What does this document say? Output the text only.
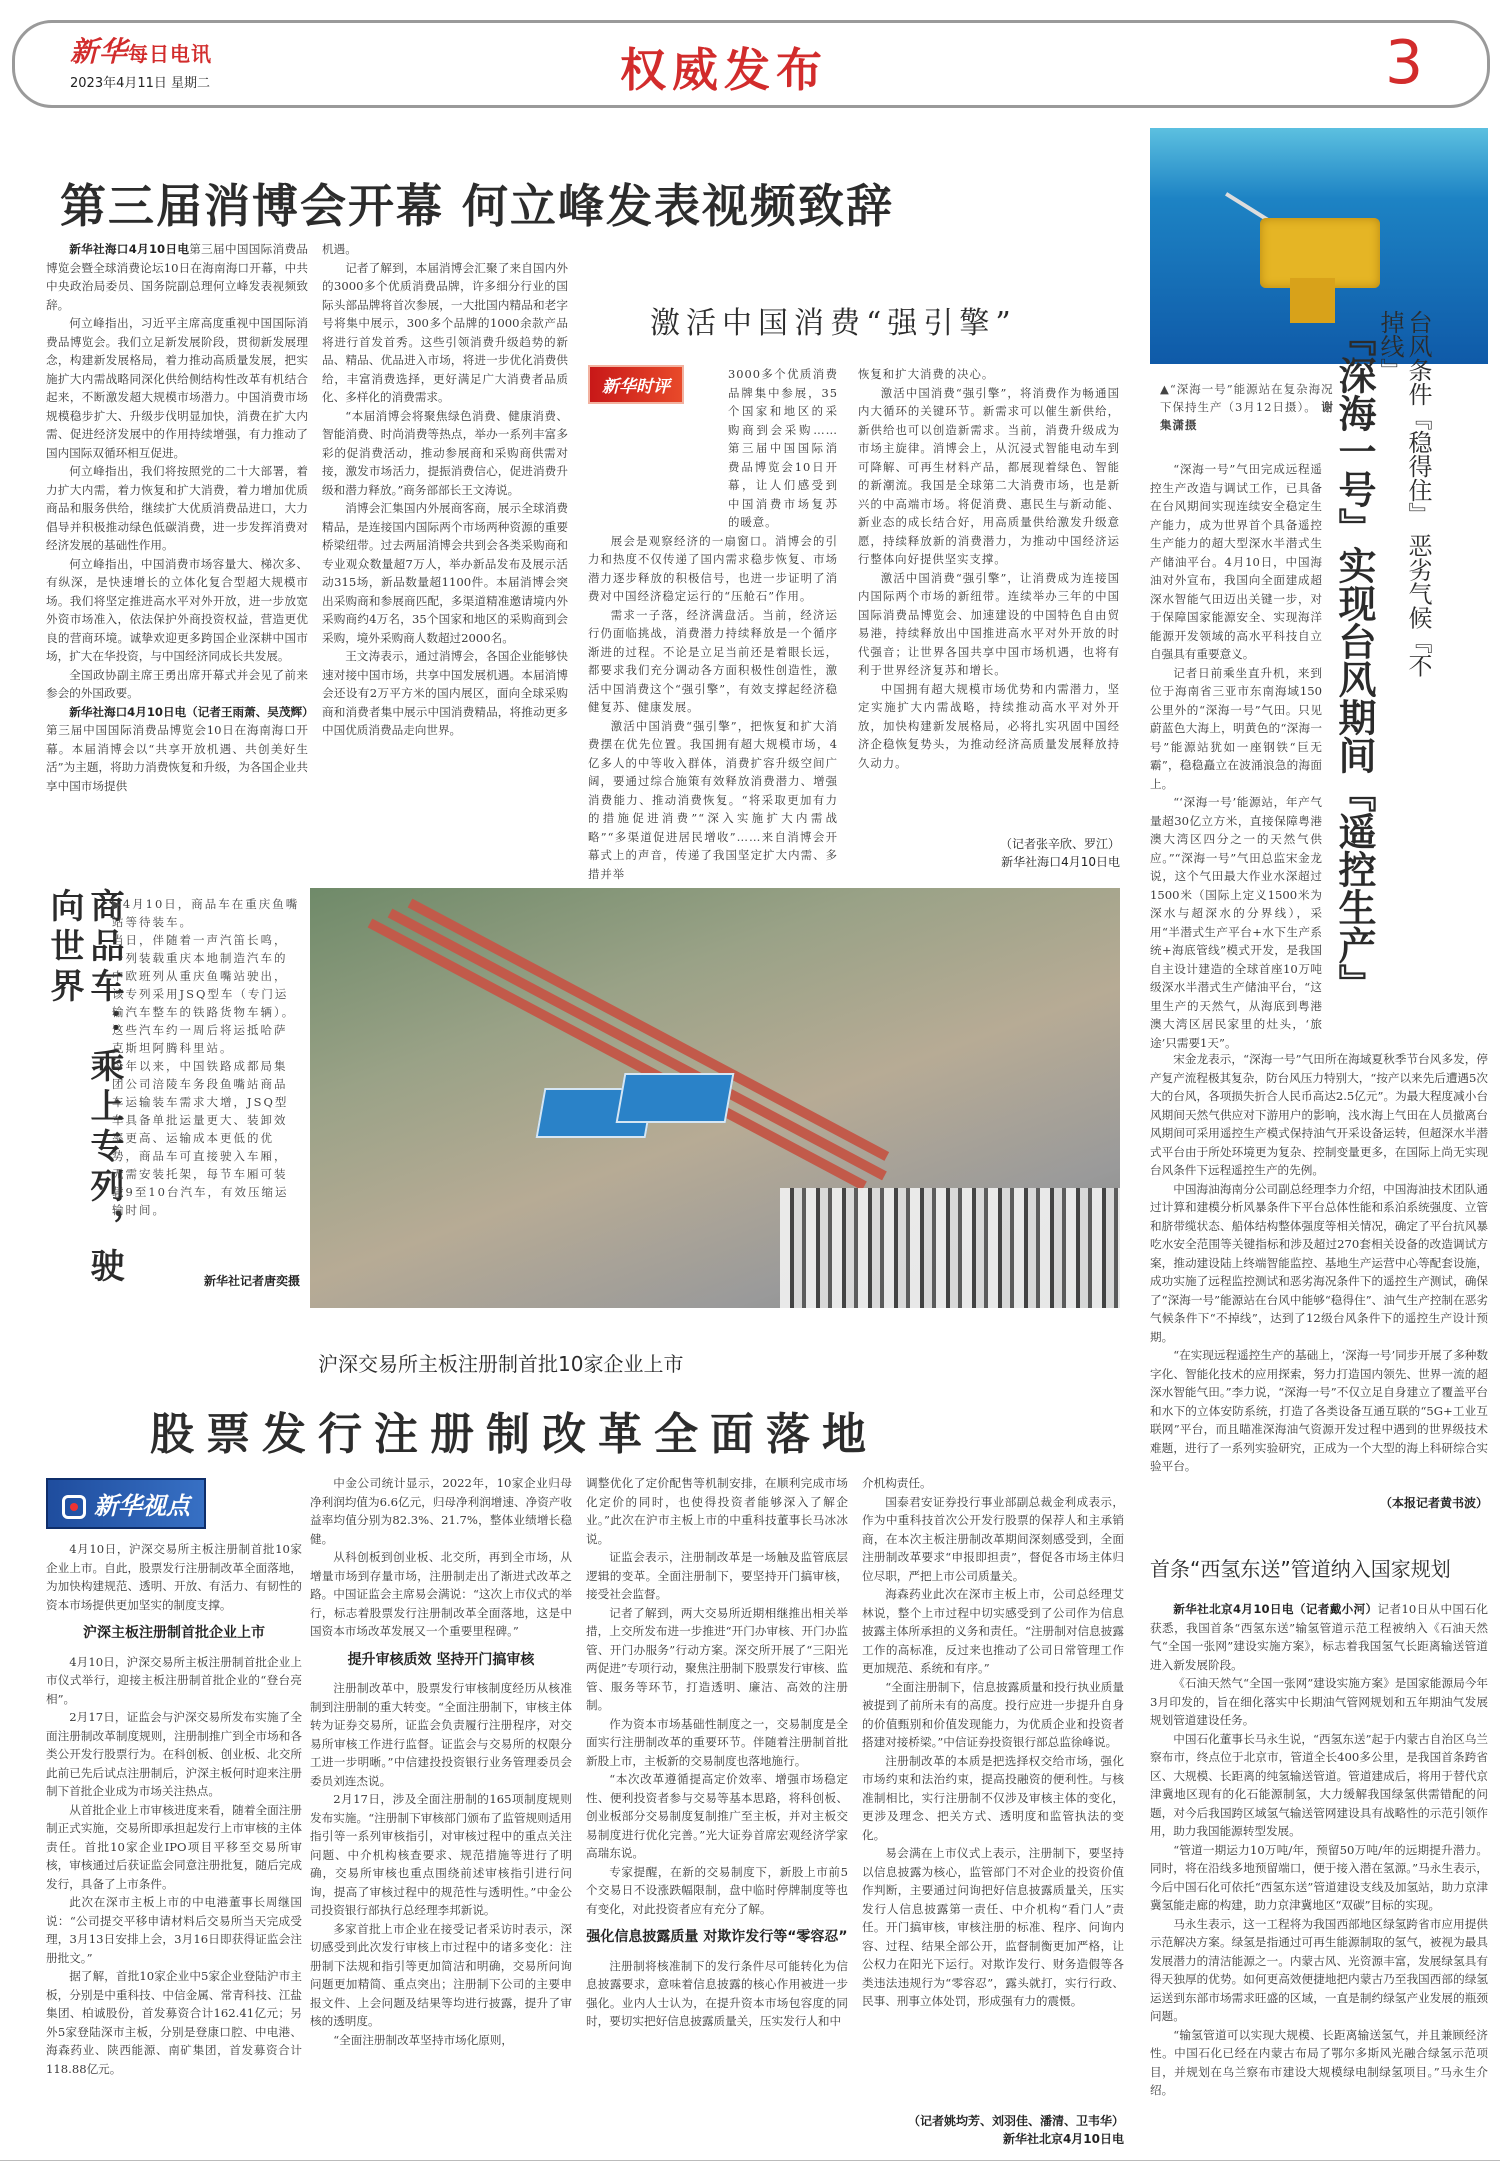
新华每日电讯
2023年4月11日 星期二	权威发布	3
第三届消博会开幕 何立峰发表视频致辞

新华社海口4月10日电第三届中国国际消费品博览会暨全球消费论坛10日在海南海口开幕，中共中央政治局委员、国务院副总理何立峰发表视频致辞。

何立峰指出，习近平主席高度重视中国国际消费品博览会。我们立足新发展阶段，贯彻新发展理念，构建新发展格局，着力推动高质量发展，把实施扩大内需战略同深化供给侧结构性改革有机结合起来，不断激发超大规模市场潜力。中国消费市场规模稳步扩大、升级步伐明显加快，消费在扩大内需、促进经济发展中的作用持续增强，有力推动了国内国际双循环相互促进。

何立峰指出，我们将按照党的二十大部署，着力扩大内需，着力恢复和扩大消费，着力增加优质商品和服务供给，继续扩大优质消费品进口，大力倡导并积极推动绿色低碳消费，进一步发挥消费对经济发展的基础性作用。

何立峰指出，中国消费市场容量大、梯次多、有纵深，是快速增长的立体化复合型超大规模市场。我们将坚定推进高水平对外开放，进一步放宽外资市场准入，依法保护外商投资权益，营造更优良的营商环境。诚挚欢迎更多跨国企业深耕中国市场，扩大在华投资，与中国经济同成长共发展。

全国政协副主席王勇出席开幕式并会见了前来参会的外国政要。

新华社海口4月10日电（记者王雨萧、吴茂辉）第三届中国国际消费品博览会10日在海南海口开幕。本届消博会以“共享开放机遇、共创美好生活”为主题，将助力消费恢复和升级，为各国企业共享中国市场提供

机遇。

记者了解到，本届消博会汇聚了来自国内外的3000多个优质消费品牌，许多细分行业的国际头部品牌将首次参展，一大批国内精品和老字号将集中展示，300多个品牌的1000余款产品将进行首发首秀。这些引领消费升级趋势的新品、精品、优品进入市场，将进一步优化消费供给，丰富消费选择，更好满足广大消费者品质化、多样化的消费需求。

“本届消博会将聚焦绿色消费、健康消费、智能消费、时尚消费等热点，举办一系列丰富多彩的促消费活动，推动参展商和采购商供需对接，激发市场活力，提振消费信心，促进消费升级和潜力释放。”商务部部长王文涛说。

消博会汇集国内外展商客商，展示全球消费精品，是连接国内国际两个市场两种资源的重要桥梁纽带。过去两届消博会共到会各类采购商和专业观众数量超7万人，举办新品发布及展示活动315场，新品数量超1100件。本届消博会突出采购商和参展商匹配，多渠道精准邀请境内外采购商约4万名，35个国家和地区的采购商到会采购，境外采购商人数超过2000名。

王文涛表示，通过消博会，各国企业能够快速对接中国市场，共享中国发展机遇。本届消博会还设有2万平方米的国内展区，面向全球采购商和消费者集中展示中国消费精品，将推动更多中国优质消费品走向世界。

激活中国消费“强引擎”
新华时评

3000多个优质消费品牌集中参展，35个国家和地区的采购商到会采购……第三届中国国际消费品博览会10日开幕，让人们感受到中国消费市场复苏的暖意。

展会是观察经济的一扇窗口。消博会的引力和热度不仅传递了国内需求稳步恢复、市场潜力逐步释放的积极信号，也进一步证明了消费对中国经济稳定运行的“压舱石”作用。

需求一子落，经济满盘活。当前，经济运行仍面临挑战，消费潜力持续释放是一个循序渐进的过程。不论是立足当前还是着眼长远，都要求我们充分调动各方面积极性创造性，激活中国消费这个“强引擎”，有效支撑起经济稳健复苏、健康发展。

激活中国消费“强引擎”，把恢复和扩大消费摆在优先位置。我国拥有超大规模市场，4亿多人的中等收入群体，消费扩容升级空间广阔，要通过综合施策有效释放消费潜力、增强消费能力、推动消费恢复。“将采取更加有力的措施促进消费”“深入实施扩大内需战略”“多渠道促进居民增收”……来自消博会开幕式上的声音，传递了我国坚定扩大内需、多措并举

恢复和扩大消费的决心。

激活中国消费“强引擎”，将消费作为畅通国内大循环的关键环节。新需求可以催生新供给，新供给也可以创造新需求。当前，消费升级成为市场主旋律。消博会上，从沉浸式智能电动车到可降解、可再生材料产品，都展现着绿色、智能的新潮流。我国是全球第二大消费市场，也是新兴的中高端市场。将促消费、惠民生与新动能、新业态的成长结合好，用高质量供给激发升级意愿，持续释放新的消费潜力，为推动中国经济运行整体向好提供坚实支撑。

激活中国消费“强引擎”，让消费成为连接国内国际两个市场的新纽带。连续举办三年的中国国际消费品博览会、加速建设的中国特色自由贸易港，持续释放出中国推进高水平对外开放的时代强音；让世界各国共享中国市场机遇，也将有利于世界经济复苏和增长。

中国拥有超大规模市场优势和内需潜力，坚定实施扩大内需战略，持续推动高水平对外开放，加快构建新发展格局，必将扎实巩固中国经济企稳恢复势头，为推动经济高质量发展释放持久动力。

（记者张辛欣、罗江）
新华社海口4月10日电
商品车：乘上专列，驶向世界	▶4月10日，商品车在重庆鱼嘴站等待装车。

当日，伴随着一声汽笛长鸣，一列装载重庆本地制造汽车的中欧班列从重庆鱼嘴站驶出，该专列采用JSQ型车（专门运输汽车整车的铁路货物车辆）。这些汽车约一周后将运抵哈萨克斯坦阿腾科里站。

今年以来，中国铁路成都局集团公司涪陵车务段鱼嘴站商品车运输装车需求大增，JSQ型车具备单批运量更大、装卸效率更高、运输成本更低的优势，商品车可直接驶入车厢，无需安装托架，每节车厢可装载9至10台汽车，有效压缩运输时间。

新华社记者唐奕摄
▲“深海一号”能源站在复杂海况下保持生产（3月12日摄）。 谢集潇摄	台风条件『稳得住』 恶劣气候『不掉线』
『深海一号』实现台风期间『遥控生产』

“深海一号”气田完成远程遥控生产改造与调试工作，已具备在台风期间实现连续安全稳定生产能力，成为世界首个具备遥控生产能力的超大型深水半潜式生产储油平台。4月10日，中国海油对外宣布，我国向全面建成超深水智能气田迈出关键一步，对于保障国家能源安全、实现海洋能源开发领域的高水平科技自立自强具有重要意义。

记者日前乘坐直升机，来到位于海南省三亚市东南海域150公里外的“深海一号”气田。只见蔚蓝色大海上，明黄色的“深海一号”能源站犹如一座钢铁“巨无霸”，稳稳矗立在波涌浪急的海面上。

“‘深海一号’能源站，年产气量超30亿立方米，直接保障粤港澳大湾区四分之一的天然气供应。”“深海一号”气田总监宋金龙说，这个气田最大作业水深超过1500米（国际上定义1500米为深水与超深水的分界线），采用“半潜式生产平台+水下生产系统+海底管线”模式开发，是我国自主设计建造的全球首座10万吨级深水半潜式生产储油平台，“这里生产的天然气，从海底到粤港澳大湾区居民家里的灶头，‘旅途’只需要1天”。

宋金龙表示，“深海一号”气田所在海域夏秋季节台风多发，停产复产流程极其复杂，防台风压力特别大，“按产以来先后遭遇5次大的台风，各项损失折合人民币高达2.5亿元”。为最大程度减小台风期间天然气供应对下游用户的影响，浅水海上气田在人员撤离台风期间可采用遥控生产模式保持油气开采设备运转，但超深水半潜式平台由于所处环境更为复杂、控制变量更多，在国际上尚无实现台风条件下远程遥控生产的先例。

中国海油海南分公司副总经理李力介绍，中国海油技术团队通过计算和建模分析风暴条件下平台总体性能和系泊系统强度、立管和脐带缆状态、船体结构整体强度等相关情况，确定了平台抗风暴吃水安全范围等关键指标和涉及超过270套相关设备的改造调试方案，推动建设陆上终端智能监控、基地生产运营中心等配套设施，成功实施了远程监控测试和恶劣海况条件下的遥控生产测试，确保了“深海一号”能源站在台风中能够“稳得住”、油气生产控制在恶劣气候条件下“不掉线”，达到了12级台风条件下的遥控生产设计预期。

“在实现远程遥控生产的基础上，‘深海一号’同步开展了多种数字化、智能化技术的应用探索，努力打造国内领先、世界一流的超深水智能气田。”李力说，“深海一号”不仅立足自身建立了覆盖平台和水下的立体安防系统，打造了各类设备互通互联的“5G+工业互联网”平台，而且瞄准深海油气资源开发过程中遇到的世界级技术难题，进行了一系列实验研究，正成为一个大型的海上科研综合实验平台。

（本报记者黄书波）
沪深交易所主板注册制首批10家企业上市
股票发行注册制改革全面落地
新华视点

4月10日，沪深交易所主板注册制首批10家企业上市。自此，股票发行注册制改革全面落地，为加快构建规范、透明、开放、有活力、有韧性的资本市场提供更加坚实的制度支撑。

沪深主板注册制首批企业上市

4月10日，沪深交易所主板注册制首批企业上市仪式举行，迎接主板注册制首批企业的“登台亮相”。

2月17日，证监会与沪深交易所发布实施了全面注册制改革制度规则，注册制推广到全市场和各类公开发行股票行为。在科创板、创业板、北交所此前已先后试点注册制后，沪深主板何时迎来注册制下首批企业成为市场关注热点。

从首批企业上市审核进度来看，随着全面注册制正式实施，交易所即承担起发行上市审核的主体责任。首批10家企业IPO项目平移至交易所审核，审核通过后获证监会同意注册批复，随后完成发行，具备了上市条件。

此次在深市主板上市的中电港董事长周继国说：“公司提交平移申请材料后交易所当天完成受理，3月13日安排上会，3月16日即获得证监会注册批文。”

据了解，首批10家企业中5家企业登陆沪市主板，分别是中重科技、中信金属、常青科技、江盐集团、柏诚股份，首发募资合计162.41亿元；另外5家登陆深市主板，分别是登康口腔、中电港、海森药业、陕西能源、南矿集团，首发募资合计118.88亿元。

中金公司统计显示，2022年，10家企业归母净利润均值为6.6亿元，归母净利润增速、净资产收益率均值分别为82.3%、21.7%，整体业绩增长稳健。

从科创板到创业板、北交所，再到全市场，从增量市场到存量市场，注册制走出了渐进式改革之路。中国证监会主席易会满说：“这次上市仪式的举行，标志着股票发行注册制改革全面落地，这是中国资本市场改革发展又一个重要里程碑。”

提升审核质效 坚持开门搞审核

注册制改革中，股票发行审核制度经历从核准制到注册制的重大转变。“全面注册制下，审核主体转为证券交易所，证监会负责履行注册程序，对交易所审核工作进行监督。证监会与交易所的权限分工进一步明晰。”中信建投投资银行业务管理委员会委员刘连杰说。

2月17日，涉及全面注册制的165项制度规则发布实施。“注册制下审核部门颁布了监管规则适用指引等一系列审核指引，对审核过程中的重点关注问题、中介机构核查要求、规范措施等进行了明确，交易所审核也重点围绕前述审核指引进行问询，提高了审核过程中的规范性与透明性。”中金公司投资银行部执行总经理李邦新说。

多家首批上市企业在接受记者采访时表示，深切感受到此次发行审核上市过程中的诸多变化：注册制下法规和指引等更加简洁和明确，交易所问询问题更加精简、重点突出；注册制下公司的主要申报文件、上会问题及结果等均进行披露，提升了审核的透明度。

“全面注册制改革坚持市场化原则，

调整优化了定价配售等机制安排，在顺利完成市场化定价的同时，也使得投资者能够深入了解企业。”此次在沪市主板上市的中重科技董事长马冰冰说。

证监会表示，注册制改革是一场触及监管底层逻辑的变革。全面注册制下，要坚持开门搞审核，接受社会监督。

记者了解到，两大交易所近期相继推出相关举措，上交所发布进一步推进“开门办审核、开门办监管、开门办服务”行动方案。深交所开展了“三阳光两促进”专项行动，聚焦注册制下股票发行审核、监管、服务等环节，打造透明、廉洁、高效的注册制。

作为资本市场基础性制度之一，交易制度是全面实行注册制改革的重要环节。伴随着注册制首批新股上市，主板新的交易制度也落地施行。

“本次改革遵循提高定价效率、增强市场稳定性、便利投资者参与交易等基本思路，将科创板、创业板部分交易制度复制推广至主板，并对主板交易制度进行优化完善。”光大证券首席宏观经济学家高瑞东说。

专家提醒，在新的交易制度下，新股上市前5个交易日不设涨跌幅限制，盘中临时停牌制度等也有变化，对此投资者应有充分了解。

强化信息披露质量 对欺诈发行等“零容忍”

注册制将核准制下的发行条件尽可能转化为信息披露要求，意味着信息披露的核心作用被进一步强化。业内人士认为，在提升资本市场包容度的同时，要切实把好信息披露质量关，压实发行人和中

介机构责任。

国泰君安证券投行事业部副总裁金利成表示，作为中重科技首次公开发行股票的保荐人和主承销商，在本次主板注册制改革期间深刻感受到，全面注册制改革要求“申报即担责”，督促各市场主体归位尽职，严把上市公司质量关。

海森药业此次在深市主板上市，公司总经理艾林说，整个上市过程中切实感受到了公司作为信息披露主体所承担的义务和责任。“注册制对信息披露工作的高标准，反过来也推动了公司日常管理工作更加规范、系统和有序。”

“全面注册制下，信息披露质量和投行执业质量被提到了前所未有的高度。投行应进一步提升自身的价值甄别和价值发现能力，为优质企业和投资者搭建对接桥梁。”中信证券投资银行部总监徐峰说。

注册制改革的本质是把选择权交给市场，强化市场约束和法治约束，提高投融资的便利性。与核准制相比，实行注册制不仅涉及审核主体的变化，更涉及理念、把关方式、透明度和监管执法的变化。

易会满在上市仪式上表示，注册制下，要坚持以信息披露为核心，监管部门不对企业的投资价值作判断，主要通过问询把好信息披露质量关，压实发行人信息披露第一责任、中介机构“看门人”责任。开门搞审核，审核注册的标准、程序、问询内容、过程、结果全部公开，监督制衡更加严格，让公权力在阳光下运行。对欺诈发行、财务造假等各类违法违规行为“零容忍”，露头就打，实行行政、民事、刑事立体处罚，形成强有力的震慑。

（记者姚均芳、刘羽佳、潘清、卫韦华）
新华社北京4月10日电
首条“西氢东送”管道纳入国家规划

新华社北京4月10日电（记者戴小河）记者10日从中国石化获悉，我国首条“西氢东送”输氢管道示范工程被纳入《石油天然气“全国一张网”建设实施方案》，标志着我国氢气长距离输送管道进入新发展阶段。

《石油天然气“全国一张网”建设实施方案》是国家能源局今年3月印发的，旨在细化落实中长期油气管网规划和五年期油气发展规划管道建设任务。

中国石化董事长马永生说，“西氢东送”起于内蒙古自治区乌兰察布市，终点位于北京市，管道全长400多公里，是我国首条跨省区、大规模、长距离的纯氢输送管道。管道建成后，将用于替代京津冀地区现有的化石能源制氢，大力缓解我国绿氢供需错配的问题，对今后我国跨区域氢气输送管网建设具有战略性的示范引领作用，助力我国能源转型发展。

“管道一期运力10万吨/年，预留50万吨/年的远期提升潜力。同时，将在沿线多地预留端口，便于接入潜在氢源。”马永生表示，今后中国石化可依托“西氢东送”管道建设支线及加氢站，助力京津冀氢能走廊的构建，助力京津冀地区“双碳”目标的实现。

马永生表示，这一工程将为我国西部地区绿氢跨省市应用提供示范解决方案。绿氢是指通过可再生能源制取的氢气，被视为最具发展潜力的清洁能源之一。内蒙古风、光资源丰富，发展绿氢具有得天独厚的优势。如何更高效便捷地把内蒙古乃至我国西部的绿氢运送到东部市场需求旺盛的区域，一直是制约绿氢产业发展的瓶颈问题。

“输氢管道可以实现大规模、长距离输送氢气，并且兼顾经济性。中国石化已经在内蒙古布局了鄂尔多斯风光融合绿氢示范项目，并规划在乌兰察布市建设大规模绿电制绿氢项目。”马永生介绍。
